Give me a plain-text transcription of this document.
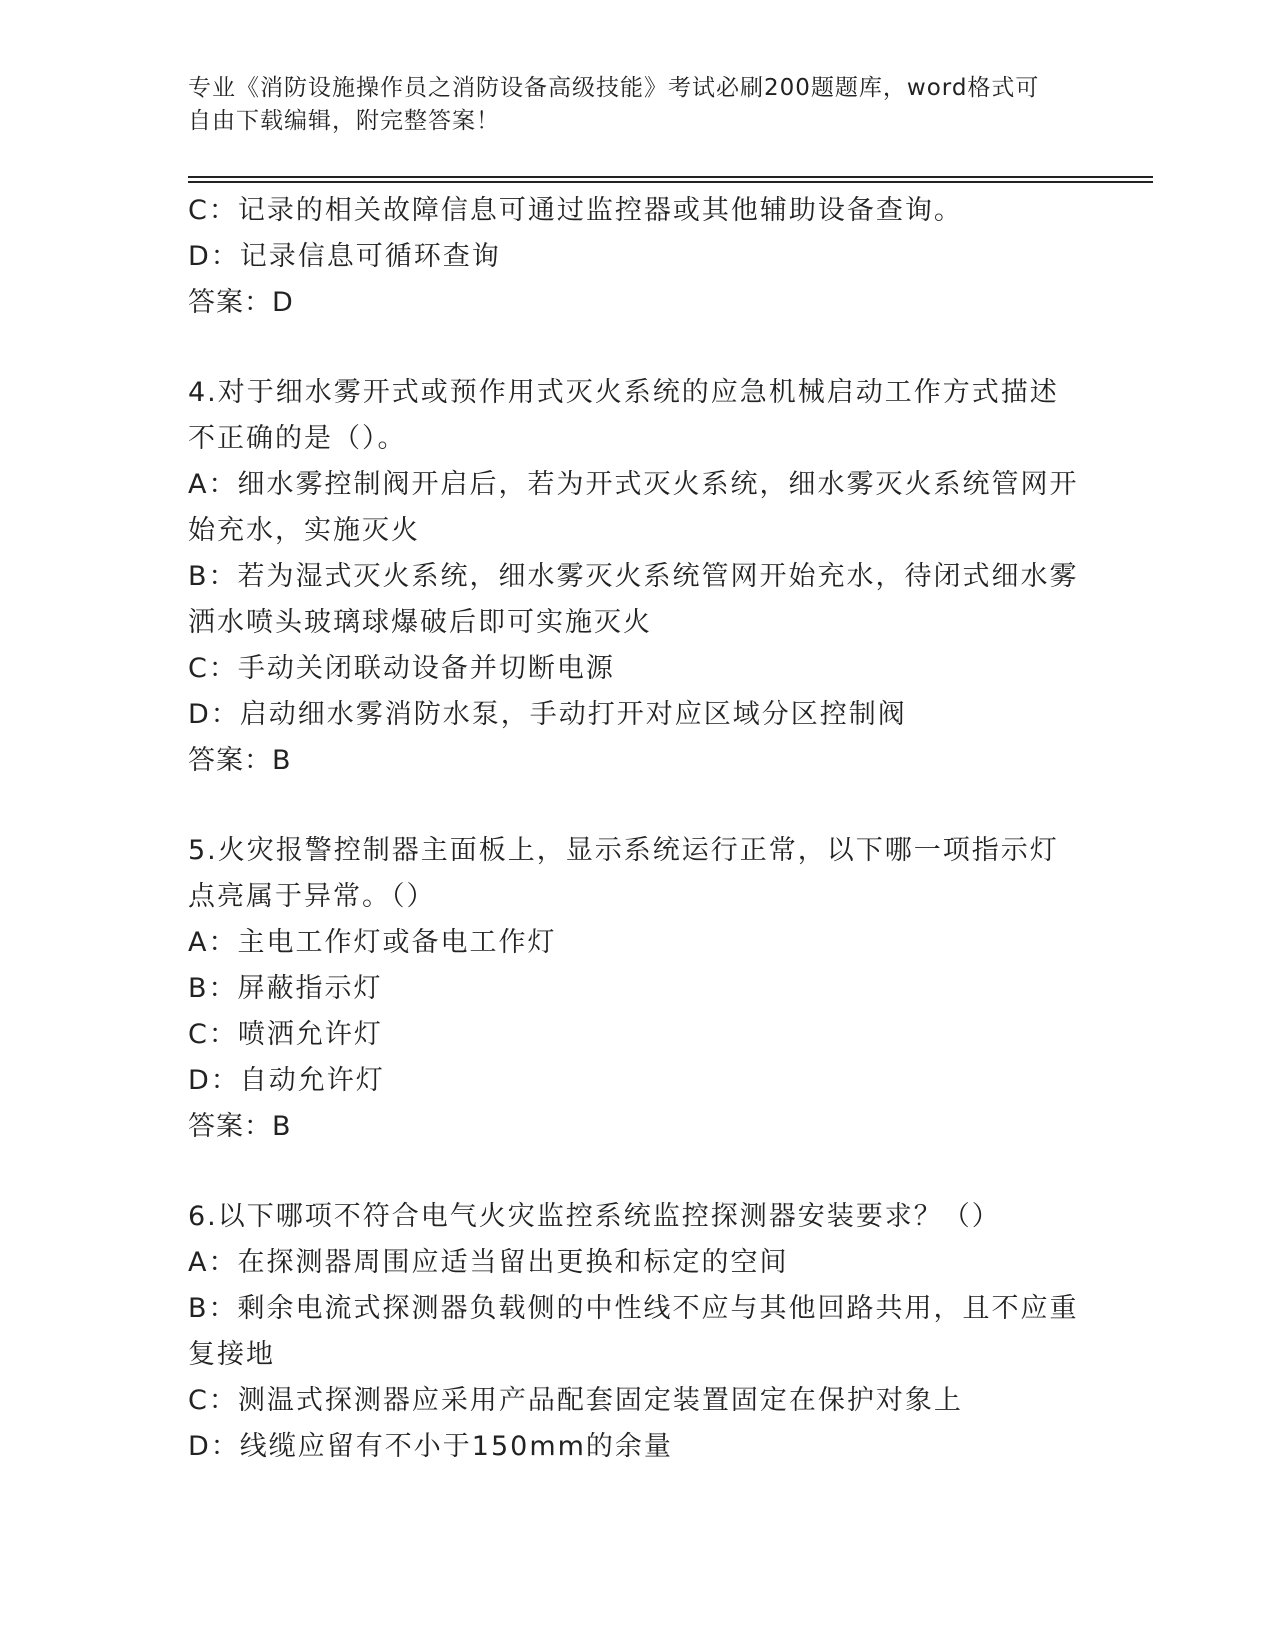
专业《消防设施操作员之消防设备高级技能》考试必刷200题题库，word格式可
自由下载编辑，附完整答案！
C：记录的相关故障信息可通过监控器或其他辅助设备查询。
D：记录信息可循环查询
答案：D
4.对于细水雾开式或预作用式灭火系统的应急机械启动工作方式描述
不正确的是（）。
A：细水雾控制阀开启后，若为开式灭火系统，细水雾灭火系统管网开
始充水，实施灭火
B：若为湿式灭火系统，细水雾灭火系统管网开始充水，待闭式细水雾
洒水喷头玻璃球爆破后即可实施灭火
C：手动关闭联动设备并切断电源
D：启动细水雾消防水泵，手动打开对应区域分区控制阀
答案：B
5.火灾报警控制器主面板上，显示系统运行正常，以下哪一项指示灯
点亮属于异常。（）
A：主电工作灯或备电工作灯
B：屏蔽指示灯
C：喷洒允许灯
D：自动允许灯
答案：B
6.以下哪项不符合电气火灾监控系统监控探测器安装要求？（）
A：在探测器周围应适当留出更换和标定的空间
B：剩余电流式探测器负载侧的中性线不应与其他回路共用，且不应重
复接地
C：测温式探测器应采用产品配套固定装置固定在保护对象上
D：线缆应留有不小于150mm的余量
